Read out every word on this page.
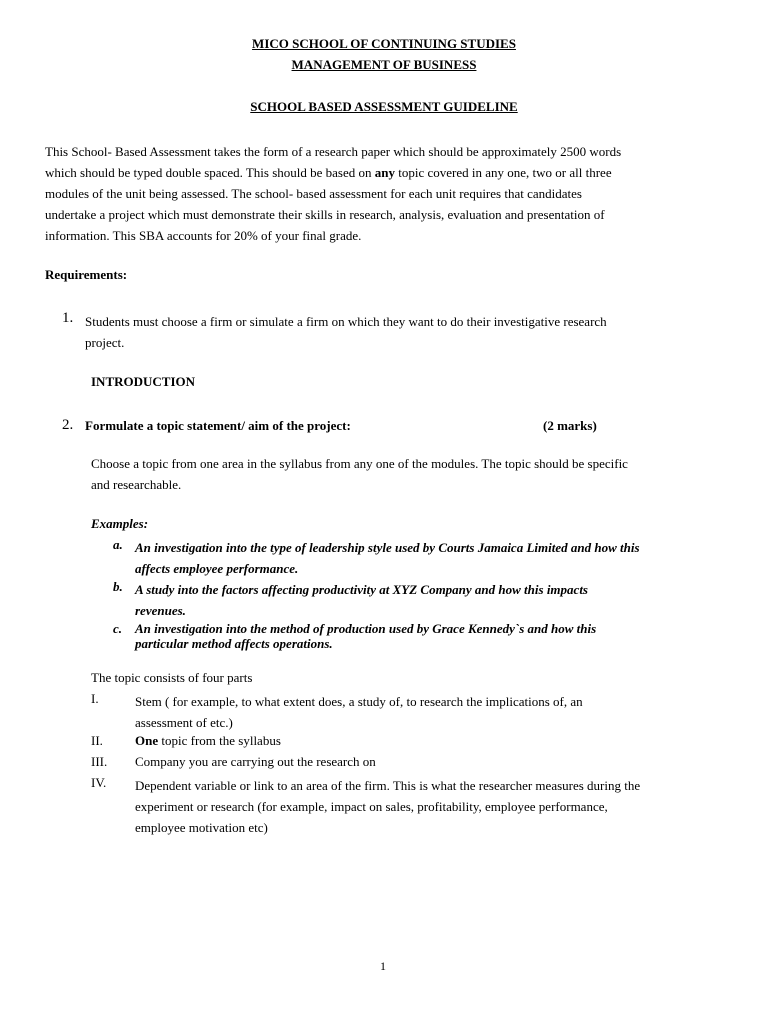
MICO SCHOOL OF CONTINUING STUDIES
MANAGEMENT OF BUSINESS
SCHOOL BASED ASSESSMENT GUIDELINE
This School- Based Assessment takes the form of a research paper which should be approximately 2500 words
which should be typed double spaced. This should be based on any topic covered in any one, two or all three
modules of the unit being assessed. The school- based assessment for each unit requires that candidates
undertake a project which must demonstrate their skills in research, analysis, evaluation and presentation of
information. This SBA accounts for 20% of your final grade.
Requirements:
1. Students must choose a firm or simulate a firm on which they want to do their investigative research
project.
INTRODUCTION
2. Formulate a topic statement/ aim of the project:	(2 marks)
Choose a topic from one area in the syllabus from any one of the modules. The topic should be specific
and researchable.
Examples:
a. An investigation into the type of leadership style used by Courts Jamaica Limited and how this
affects employee performance.
b. A study into the factors affecting productivity at XYZ Company and how this impacts
revenues.
c. An investigation into the method of production used by Grace Kennedy`s and how this
particular method affects operations.
The topic consists of four parts
I.	Stem ( for example, to what extent does, a study of, to research the implications of, an
assessment of etc.)
II. One topic from the syllabus
III. Company you are carrying out the research on
IV. Dependent variable or link to an area of the firm. This is what the researcher measures during the
experiment or research (for example, impact on sales, profitability, employee performance,
employee motivation etc)
1
